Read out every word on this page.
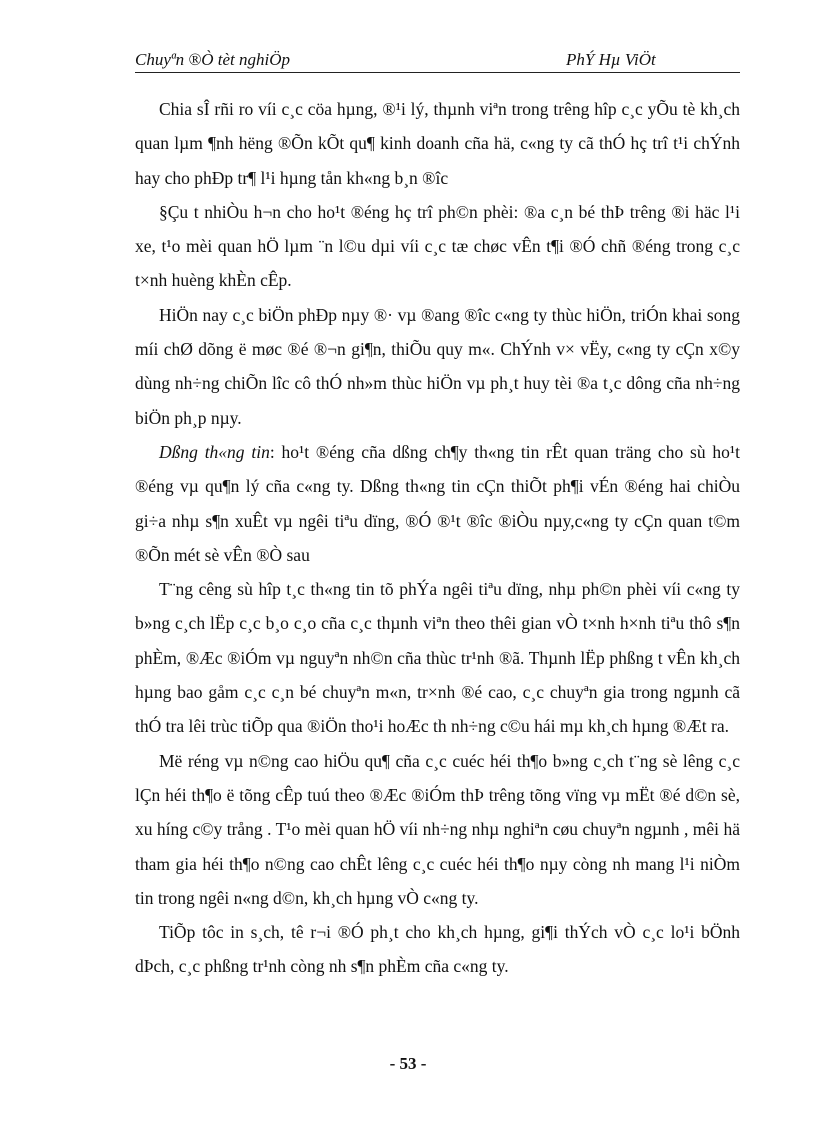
Chuyªn ®Ò tèt nghiÖp	PhÝ Hµ ViÖt

Chia sÎ rñi ro víi c¸c cöa hµng, ®¹i lý, thµnh viªn trong trêng hîp c¸c yÕu tè kh¸ch quan lµm ¶nh hëng ®Õn kÕt qu¶ kinh doanh cña hä, c«ng ty cã thÓ hç trî t¹i chÝnh hay cho phÐp tr¶ l¹i hµng tån kh«ng b¸n ®îc

§Çu t nhiÒu h¬n cho ho¹t ®éng hç trî ph©n phèi: ®a c¸n bé thÞ trêng ®i häc l¹i xe, t¹o mèi quan hÖ lµm ¨n l©u dµi víi c¸c tæ chøc vÊn t¶i ®Ó chñ ®éng trong c¸c t×nh huèng khÈn cÊp.

HiÖn nay c¸c biÖn phÐp nµy ®· vµ ®ang ®îc c«ng ty thùc hiÖn, triÓn khai song míi chØ dõng ë møc ®é ®¬n gi¶n, thiÕu quy m«. ChÝnh v× vËy, c«ng ty cÇn x©y dùng nh÷ng chiÕn lîc cô thÓ nh»m thùc hiÖn vµ ph¸t huy tèi ®a t¸c dông cña nh÷ng biÖn ph¸p nµy.

Dßng th«ng tin: ho¹t ®éng cña dßng ch¶y th«ng tin rÊt quan träng cho sù ho¹t ®éng vµ qu¶n lý cña c«ng ty. Dßng th«ng tin cÇn thiÕt ph¶i vÉn ®éng hai chiÒu gi÷a nhµ s¶n xuÊt vµ ngêi tiªu dïng, ®Ó ®¹t ®îc ®iÒu nµy,c«ng ty cÇn quan t©m ®Õn mét sè vÊn ®Ò sau

T¨ng cêng sù hîp t¸c th«ng tin tõ phÝa ngêi tiªu dïng, nhµ ph©n phèi víi c«ng ty b»ng c¸ch lËp c¸c b¸o c¸o cña c¸c thµnh viªn theo thêi gian vÒ t×nh h×nh tiªu thô s¶n phÈm, ®Æc ®iÓm vµ nguyªn nh©n cña thùc tr¹nh ®ã. Thµnh lËp phßng t vÊn kh¸ch hµng bao gåm c¸c c¸n bé chuyªn m«n, tr×nh ®é cao, c¸c chuyªn gia trong ngµnh cã thÓ tra lêi trùc tiÕp qua ®iÖn tho¹i hoÆc th nh÷ng c©u hái mµ kh¸ch hµng ®Æt ra.

Më réng vµ n©ng cao hiÖu qu¶ cña c¸c cuéc héi th¶o b»ng c¸ch t¨ng sè lêng c¸c lÇn héi th¶o ë tõng cÊp tuú theo ®Æc ®iÓm thÞ trêng tõng vïng vµ mËt ®é d©n sè, xu híng c©y trång . T¹o mèi quan hÖ víi nh÷ng nhµ nghiªn cøu chuyªn ngµnh , mêi hä tham gia héi th¶o n©ng cao chÊt lêng c¸c cuéc héi th¶o nµy còng nh mang l¹i niÒm tin trong ngêi n«ng d©n, kh¸ch hµng vÒ c«ng ty.

TiÕp tôc in s¸ch, tê r¬i ®Ó ph¸t cho kh¸ch hµng, gi¶i thÝch vÒ c¸c lo¹i bÖnh dÞch, c¸c phßng tr¹nh còng nh s¶n phÈm cña c«ng ty.

- 53 -
